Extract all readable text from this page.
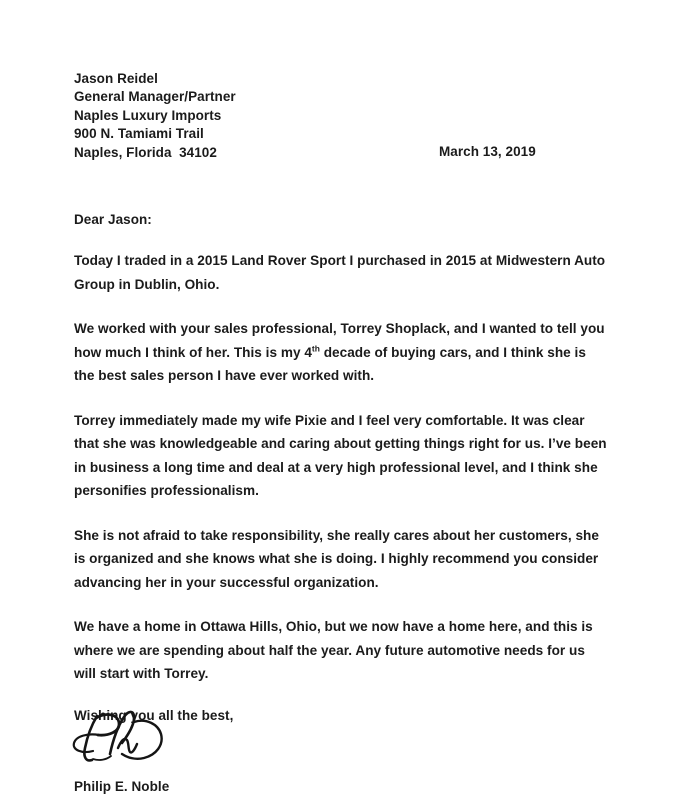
Jason Reidel
General Manager/Partner
Naples Luxury Imports
900 N. Tamiami Trail
Naples, Florida  34102	March 13, 2019
Dear Jason:

Today I traded in a 2015 Land Rover Sport I purchased in 2015 at Midwestern Auto Group in Dublin, Ohio.

We worked with your sales professional, Torrey Shoplack, and I wanted to tell you how much I think of her. This is my 4th decade of buying cars, and I think she is the best sales person I have ever worked with.

Torrey immediately made my wife Pixie and I feel very comfortable. It was clear that she was knowledgeable and caring about getting things right for us. I’ve been in business a long time and deal at a very high professional level, and I think she personifies professionalism.

She is not afraid to take responsibility, she really cares about her customers, she is organized and she knows what she is doing. I highly recommend you consider advancing her in your successful organization.

We have a home in Ottawa Hills, Ohio, but we now have a home here, and this is where we are spending about half the year. Any future automotive needs for us will start with Torrey.

Wishing you all the best,
Philip E. Noble
